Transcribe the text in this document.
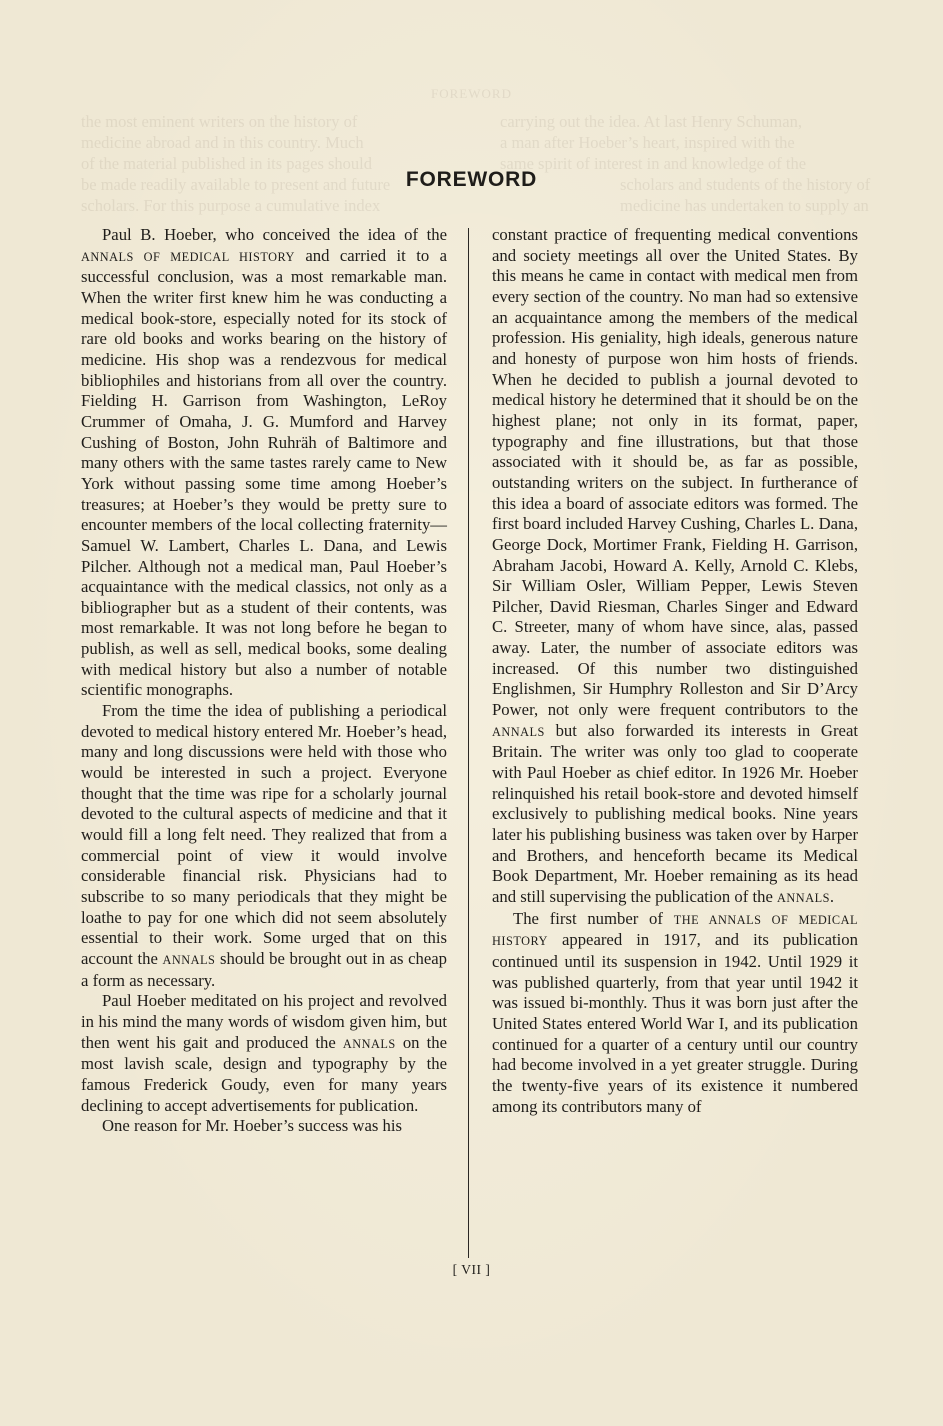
FOREWORD
the most eminent writers on the history of	carrying out the idea. At last Henry Schuman,
medicine abroad and in this country. Much	a man after Hoeber’s heart, inspired with the
of the material published in its pages should	same spirit of interest in and knowledge of the
be made readily available to present and future	scholars and students of the history of
scholars. For this purpose a cumulative index	medicine has undertaken to supply an
FOREWORD

Paul B. Hoeber, who conceived the idea of the ANNALS OF MEDICAL HISTORY and carried it to a successful conclusion, was a most remarkable man. When the writer first knew him he was conducting a medical book-store, especially noted for its stock of rare old books and works bearing on the history of medicine. His shop was a rendezvous for medical bibliophiles and historians from all over the country. Fielding H. Garrison from Washington, LeRoy Crummer of Omaha, J. G. Mumford and Harvey Cushing of Boston, John Ruhräh of Baltimore and many others with the same tastes rarely came to New York without passing some time among Hoeber’s treasures; at Hoeber’s they would be pretty sure to encounter members of the local collecting fraternity—Samuel W. Lambert, Charles L. Dana, and Lewis Pilcher. Although not a medical man, Paul Hoeber’s acquaintance with the medical classics, not only as a bibliographer but as a student of their contents, was most remarkable. It was not long before he began to publish, as well as sell, medical books, some dealing with medical history but also a number of notable scientific monographs.

From the time the idea of publishing a periodical devoted to medical history entered Mr. Hoeber’s head, many and long discussions were held with those who would be interested in such a project. Everyone thought that the time was ripe for a scholarly journal devoted to the cultural aspects of medicine and that it would fill a long felt need. They realized that from a commercial point of view it would involve considerable financial risk. Physicians had to subscribe to so many periodicals that they might be loathe to pay for one which did not seem absolutely essential to their work. Some urged that on this account the ANNALS should be brought out in as cheap a form as necessary.

Paul Hoeber meditated on his project and revolved in his mind the many words of wisdom given him, but then went his gait and produced the ANNALS on the most lavish scale, design and typography by the famous Frederick Goudy, even for many years declining to accept advertisements for publication.

One reason for Mr. Hoeber’s success was his

constant practice of frequenting medical conventions and society meetings all over the United States. By this means he came in contact with medical men from every section of the country. No man had so extensive an acquaintance among the members of the medical profession. His geniality, high ideals, generous nature and honesty of purpose won him hosts of friends. When he decided to publish a journal devoted to medical history he determined that it should be on the highest plane; not only in its format, paper, typography and fine illustrations, but that those associated with it should be, as far as possible, outstanding writers on the subject. In furtherance of this idea a board of associate editors was formed. The first board included Harvey Cushing, Charles L. Dana, George Dock, Mortimer Frank, Fielding H. Garrison, Abraham Jacobi, Howard A. Kelly, Arnold C. Klebs, Sir William Osler, William Pepper, Lewis Steven Pilcher, David Riesman, Charles Singer and Edward C. Streeter, many of whom have since, alas, passed away. Later, the number of associate editors was increased. Of this number two distinguished Englishmen, Sir Humphry Rolleston and Sir D’Arcy Power, not only were frequent contributors to the ANNALS but also forwarded its interests in Great Britain. The writer was only too glad to cooperate with Paul Hoeber as chief editor. In 1926 Mr. Hoeber relinquished his retail book-store and devoted himself exclusively to publishing medical books. Nine years later his publishing business was taken over by Harper and Brothers, and henceforth became its Medical Book Department, Mr. Hoeber remaining as its head and still supervising the publication of the ANNALS.

The first number of THE ANNALS OF MEDICAL HISTORY appeared in 1917, and its publication continued until its suspension in 1942. Until 1929 it was published quarterly, from that year until 1942 it was issued bi-monthly. Thus it was born just after the United States entered World War I, and its publication continued for a quarter of a century until our country had become involved in a yet greater struggle. During the twenty-five years of its existence it numbered among its contributors many of

[ VII ]
